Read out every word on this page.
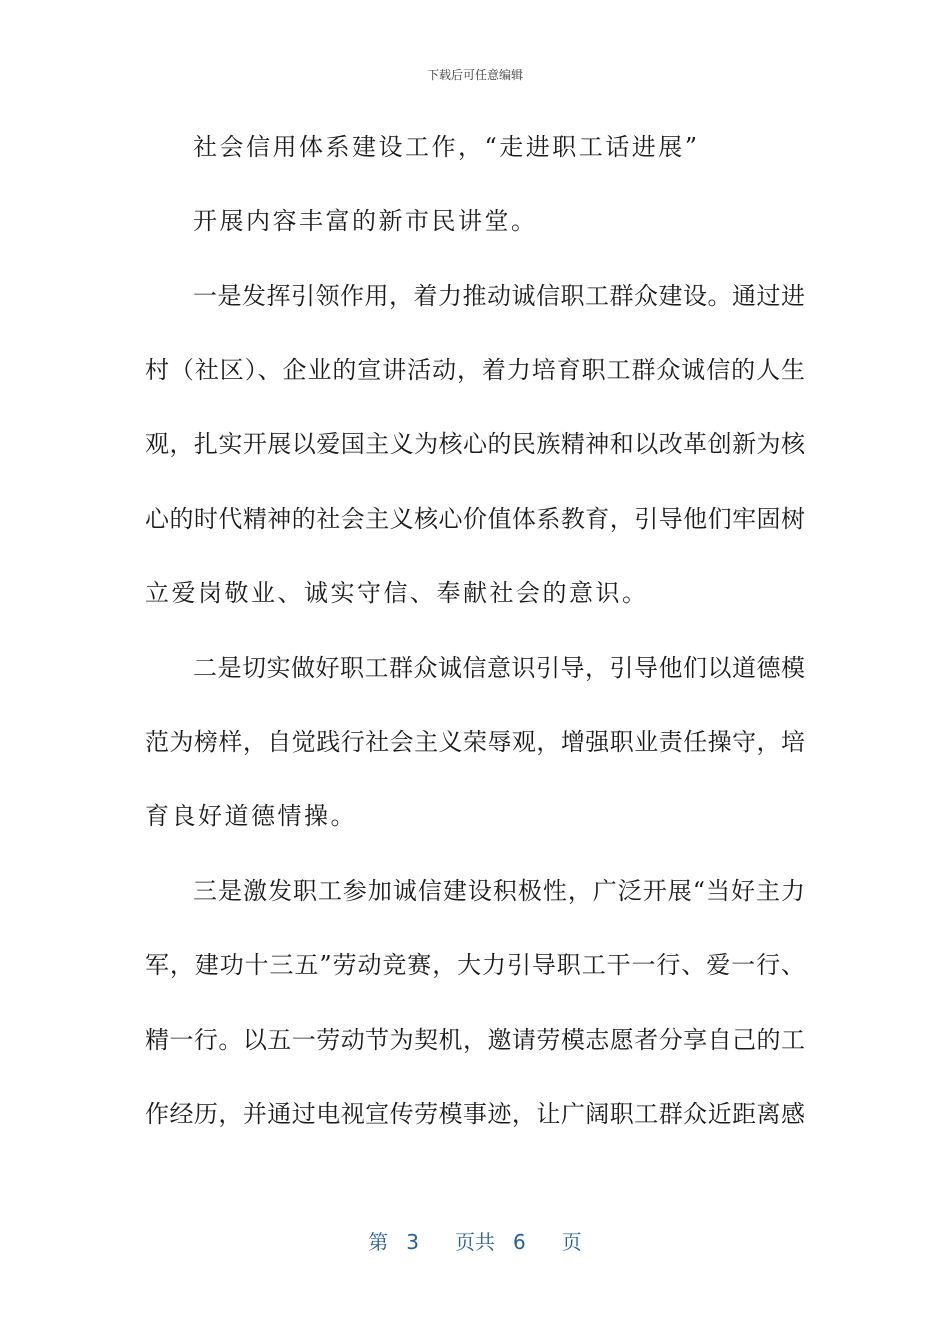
下载后可任意编辑
社会信用体系建设工作，“走进职工话进展”
开展内容丰富的新市民讲堂。
一是发挥引领作用，着力推动诚信职工群众建设。通过进
村（社区）、企业的宣讲活动，着力培育职工群众诚信的人生
观，扎实开展以爱国主义为核心的民族精神和以改革创新为核
心的时代精神的社会主义核心价值体系教育，引导他们牢固树
立爱岗敬业、诚实守信、奉献社会的意识。
二是切实做好职工群众诚信意识引导，引导他们以道德模
范为榜样，自觉践行社会主义荣辱观，增强职业责任操守，培
育良好道德情操。
三是激发职工参加诚信建设积极性，广泛开展“当好主力
军，建功十三五”劳动竞赛，大力引导职工干一行、爱一行、
精一行。以五一劳动节为契机，邀请劳模志愿者分享自己的工
作经历，并通过电视宣传劳模事迹，让广阔职工群众近距离感
第 3 页共 6 页
